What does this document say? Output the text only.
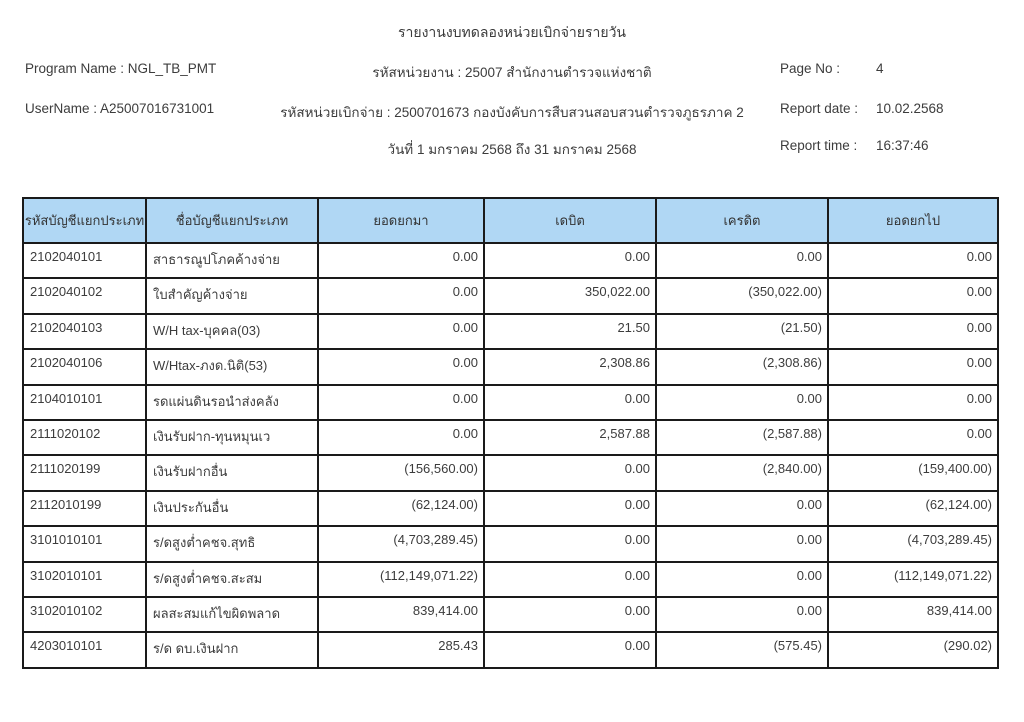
รายงานงบทดลองหน่วยเบิกจ่ายรายวัน
Program Name : NGL_TB_PMT	รหัสหน่วยงาน : 25007 สำนักงานตำรวจแห่งชาติ	Page No :	4
UserName : A25007016731001	รหัสหน่วยเบิกจ่าย : 2500701673 กองบังคับการสืบสวนสอบสวนตำรวจภูธรภาค 2	Report date : 10.02.2568
วันที่ 1 มกราคม 2568 ถึง 31 มกราคม 2568	Report time : 16:37:46
รหัสบัญชีแยกประเภท	ชื่อบัญชีแยกประเภท	ยอดยกมา	เดบิต	เครดิต	ยอดยกไป
2102040101	สาธารณูปโภคค้างจ่าย	0.00	0.00	0.00	0.00
2102040102	ใบสำคัญค้างจ่าย	0.00	350,022.00	(350,022.00)	0.00
2102040103	W/H tax-บุคคล(03)	0.00	21.50	(21.50)	0.00
2102040106	W/Htax-ภงด.นิติ(53)	0.00	2,308.86	(2,308.86)	0.00
2104010101	รดแผ่นดินรอนำส่งคลัง	0.00	0.00	0.00	0.00
2111020102	เงินรับฝาก-ทุนหมุนเว	0.00	2,587.88	(2,587.88)	0.00
2111020199	เงินรับฝากอื่น	(156,560.00)	0.00	(2,840.00)	(159,400.00)
2112010199	เงินประกันอื่น	(62,124.00)	0.00	0.00	(62,124.00)
3101010101	ร/ดสูงต่ำคชจ.สุทธิ	(4,703,289.45)	0.00	0.00	(4,703,289.45)
3102010101	ร/ดสูงต่ำคชจ.สะสม	(112,149,071.22)	0.00	0.00	(112,149,071.22)
3102010102	ผลสะสมแก้ไขผิดพลาด	839,414.00	0.00	0.00	839,414.00
4203010101	ร/ด ดบ.เงินฝาก	285.43	0.00	(575.45)	(290.02)
